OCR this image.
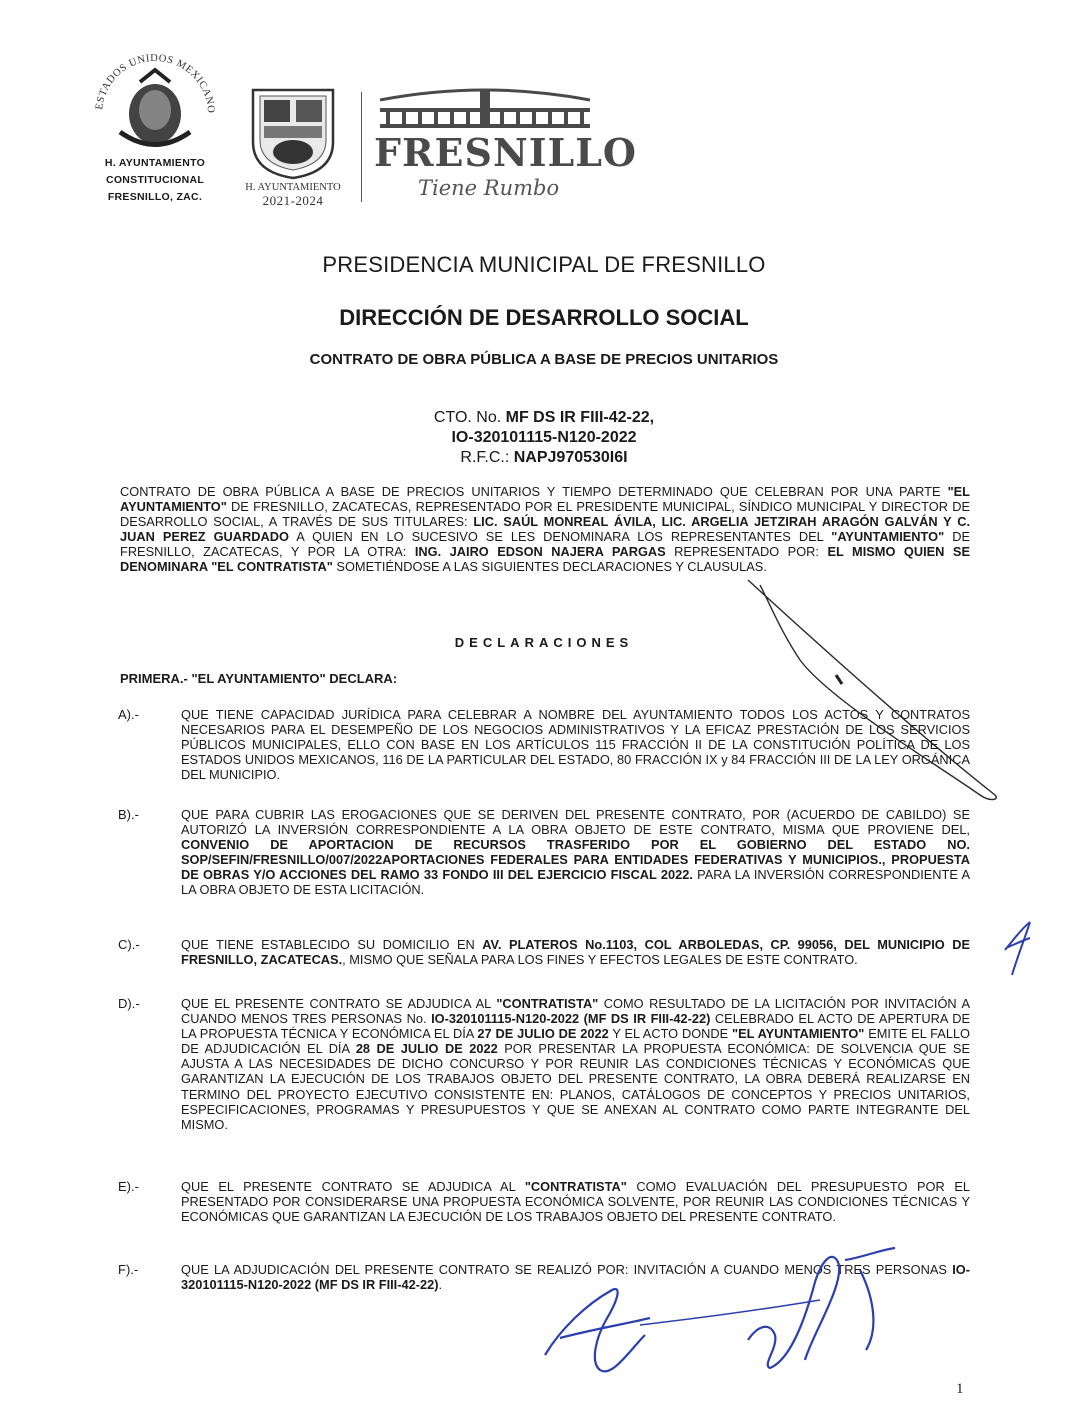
ESTADOS UNIDOS MEXICANO
H. AYUNTAMIENTO
CONSTITUCIONAL
FRESNILLO, ZAC.
H. AYUNTAMIENTO
2021-2024
FRESNILLO
Tiene Rumbo
PRESIDENCIA MUNICIPAL DE FRESNILLO
DIRECCIÓN DE DESARROLLO SOCIAL
CONTRATO DE OBRA PÚBLICA A BASE DE PRECIOS UNITARIOS
CTO. No. MF DS IR FIII-42-22,
IO-320101115-N120-2022
R.F.C.: NAPJ970530I6I
CONTRATO DE OBRA PÚBLICA A BASE DE PRECIOS UNITARIOS Y TIEMPO DETERMINADO QUE CELEBRAN POR UNA PARTE "EL AYUNTAMIENTO" DE FRESNILLO, ZACATECAS, REPRESENTADO POR EL PRESIDENTE MUNICIPAL, SÍNDICO MUNICIPAL Y DIRECTOR DE DESARROLLO SOCIAL, A TRAVÉS DE SUS TITULARES: LIC. SAÚL MONREAL ÁVILA, LIC. ARGELIA JETZIRAH ARAGÓN GALVÁN Y C. JUAN PEREZ GUARDADO A QUIEN EN LO SUCESIVO SE LES DENOMINARA LOS REPRESENTANTES DEL "AYUNTAMIENTO" DE FRESNILLO, ZACATECAS, Y POR LA OTRA: ING. JAIRO EDSON NAJERA PARGAS REPRESENTADO POR: EL MISMO QUIEN SE DENOMINARA "EL CONTRATISTA" SOMETIÉNDOSE A LAS SIGUIENTES DECLARACIONES Y CLAUSULAS.
DECLARACIONES
PRIMERA.- "EL AYUNTAMIENTO" DECLARA:
A).-	QUE TIENE CAPACIDAD JURÍDICA PARA CELEBRAR A NOMBRE DEL AYUNTAMIENTO TODOS LOS ACTOS Y CONTRATOS NECESARIOS PARA EL DESEMPEÑO DE LOS NEGOCIOS ADMINISTRATIVOS Y LA EFICAZ PRESTACIÓN DE LOS SERVICIOS PÚBLICOS MUNICIPALES, ELLO CON BASE EN LOS ARTÍCULOS 115 FRACCIÓN II DE LA CONSTITUCIÓN POLÍTICA DE LOS ESTADOS UNIDOS MEXICANOS, 116 DE LA PARTICULAR DEL ESTADO, 80 FRACCIÓN IX y 84 FRACCIÓN III DE LA LEY ORGÁNICA DEL MUNICIPIO.
B).-	QUE PARA CUBRIR LAS EROGACIONES QUE SE DERIVEN DEL PRESENTE CONTRATO, POR (ACUERDO DE CABILDO) SE AUTORIZÓ LA INVERSIÓN CORRESPONDIENTE A LA OBRA OBJETO DE ESTE CONTRATO, MISMA QUE PROVIENE DEL, CONVENIO DE APORTACION DE RECURSOS TRASFERIDO POR EL GOBIERNO DEL ESTADO NO. SOP/SEFIN/FRESNILLO/007/2022APORTACIONES FEDERALES PARA ENTIDADES FEDERATIVAS Y MUNICIPIOS., PROPUESTA DE OBRAS Y/O ACCIONES DEL RAMO 33 FONDO III DEL EJERCICIO FISCAL 2022. PARA LA INVERSIÓN CORRESPONDIENTE A LA OBRA OBJETO DE ESTA LICITACIÓN.
C).-	QUE TIENE ESTABLECIDO SU DOMICILIO EN AV. PLATEROS No.1103, COL ARBOLEDAS, CP. 99056, DEL MUNICIPIO DE FRESNILLO, ZACATECAS., MISMO QUE SEÑALA PARA LOS FINES Y EFECTOS LEGALES DE ESTE CONTRATO.
D).-	QUE EL PRESENTE CONTRATO SE ADJUDICA AL "CONTRATISTA" COMO RESULTADO DE LA LICITACIÓN POR INVITACIÓN A CUANDO MENOS TRES PERSONAS No. IO-320101115-N120-2022 (MF DS IR FIII-42-22) CELEBRADO EL ACTO DE APERTURA DE LA PROPUESTA TÉCNICA Y ECONÓMICA EL DÍA 27 DE JULIO DE 2022 Y EL ACTO DONDE "EL AYUNTAMIENTO" EMITE EL FALLO DE ADJUDICACIÓN EL DÍA 28 DE JULIO DE 2022 POR PRESENTAR LA PROPUESTA ECONÓMICA: DE SOLVENCIA QUE SE AJUSTA A LAS NECESIDADES DE DICHO CONCURSO Y POR REUNIR LAS CONDICIONES TÉCNICAS Y ECONÓMICAS QUE GARANTIZAN LA EJECUCIÓN DE LOS TRABAJOS OBJETO DEL PRESENTE CONTRATO, LA OBRA DEBERÁ REALIZARSE EN TERMINO DEL PROYECTO EJECUTIVO CONSISTENTE EN: PLANOS, CATÁLOGOS DE CONCEPTOS Y PRECIOS UNITARIOS, ESPECIFICACIONES, PROGRAMAS Y PRESUPUESTOS Y QUE SE ANEXAN AL CONTRATO COMO PARTE INTEGRANTE DEL MISMO.
E).-	QUE EL PRESENTE CONTRATO SE ADJUDICA AL "CONTRATISTA" COMO EVALUACIÓN DEL PRESUPUESTO POR EL PRESENTADO POR CONSIDERARSE UNA PROPUESTA ECONÓMICA SOLVENTE, POR REUNIR LAS CONDICIONES TÉCNICAS Y ECONÓMICAS QUE GARANTIZAN LA EJECUCIÓN DE LOS TRABAJOS OBJETO DEL PRESENTE CONTRATO.
F).-	QUE LA ADJUDICACIÓN DEL PRESENTE CONTRATO SE REALIZÓ POR: INVITACIÓN A CUANDO MENOS TRES PERSONAS IO-320101115-N120-2022 (MF DS IR FIII-42-22).
1
